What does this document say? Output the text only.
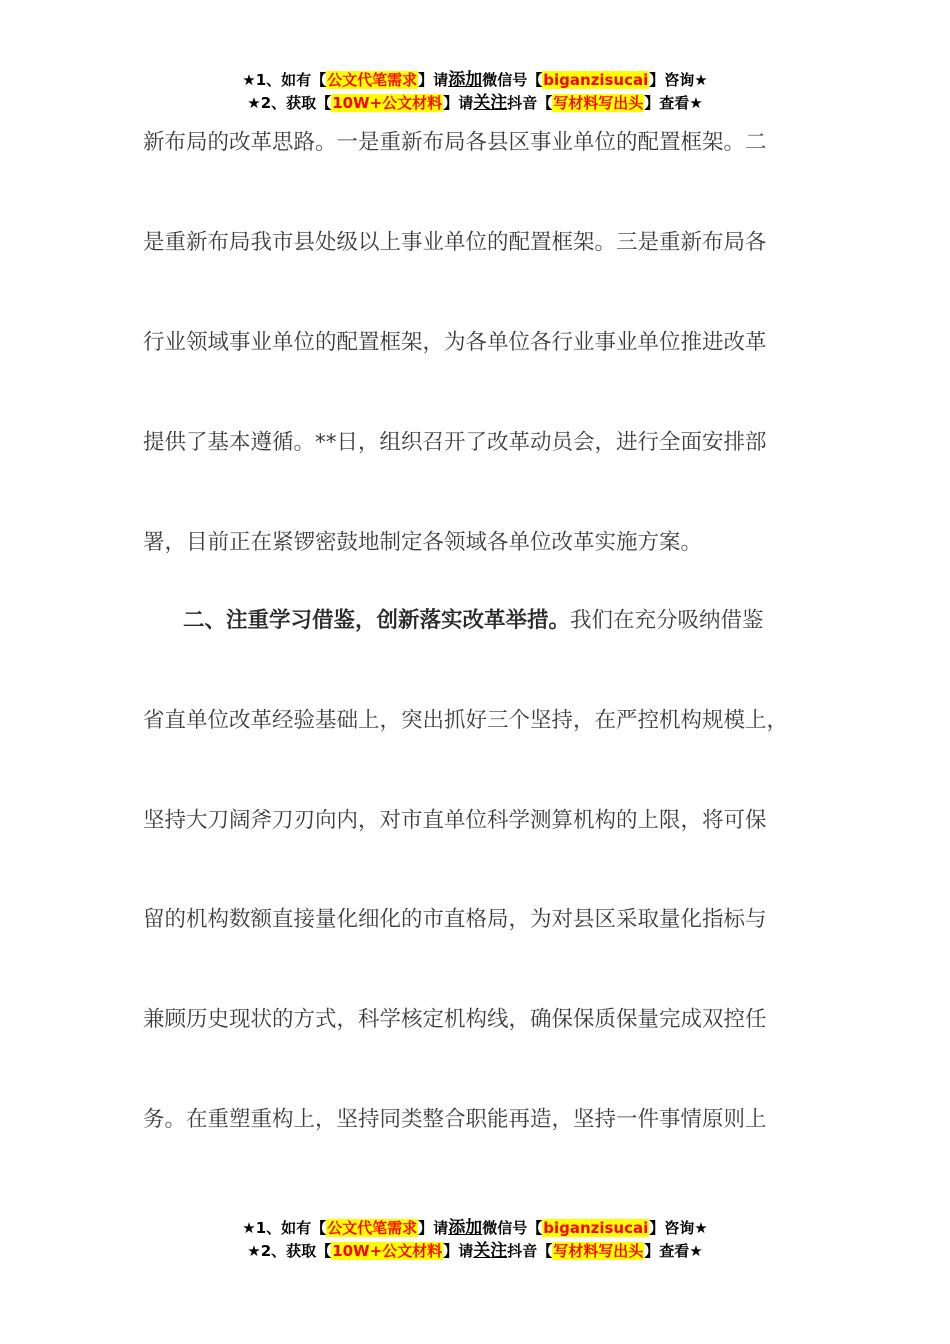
★1、如有【公文代笔需求】请添加微信号【biganzisucai】咨询★
★2、获取【10W+公文材料】请关注抖音【写材料写出头】查看★
新布局的改革思路。一是重新布局各县区事业单位的配置框架。二
是重新布局我市县处级以上事业单位的配置框架。三是重新布局各
行业领域事业单位的配置框架，为各单位各行业事业单位推进改革
提供了基本遵循。**日，组织召开了改革动员会，进行全面安排部
署，目前正在紧锣密鼓地制定各领域各单位改革实施方案。
二、注重学习借鉴，创新落实改革举措。我们在充分吸纳借鉴
省直单位改革经验基础上，突出抓好三个坚持，在严控机构规模上，
坚持大刀阔斧刀刃向内，对市直单位科学测算机构的上限，将可保
留的机构数额直接量化细化的市直格局，为对县区采取量化指标与
兼顾历史现状的方式，科学核定机构线，确保保质保量完成双控任
务。在重塑重构上，坚持同类整合职能再造，坚持一件事情原则上
★1、如有【公文代笔需求】请添加微信号【biganzisucai】咨询★
★2、获取【10W+公文材料】请关注抖音【写材料写出头】查看★
